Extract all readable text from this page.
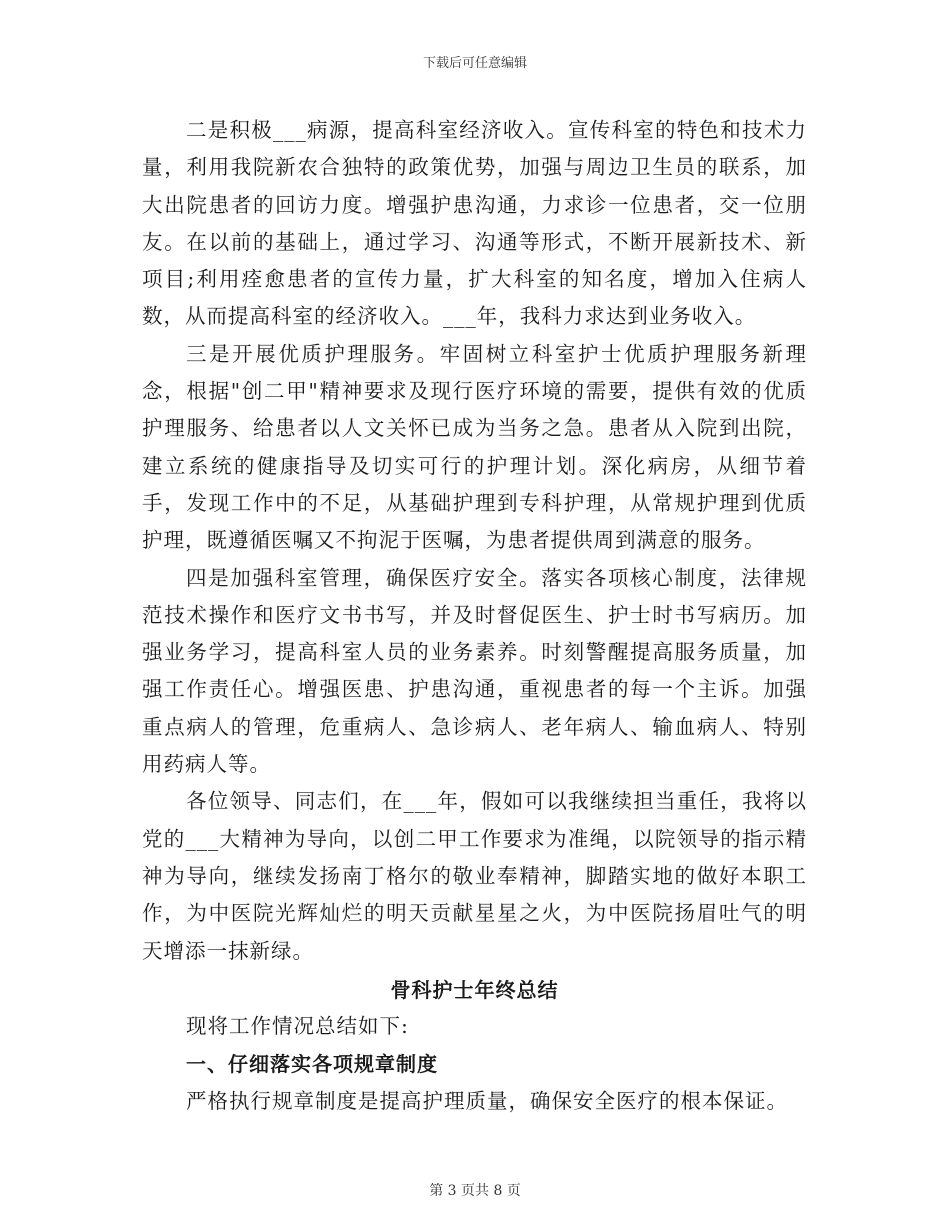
下载后可任意编辑

二是积极___病源，提高科室经济收入。宣传科室的特色和技术力量，利用我院新农合独特的政策优势，加强与周边卫生员的联系，加大出院患者的回访力度。增强护患沟通，力求诊一位患者，交一位朋友。在以前的基础上，通过学习、沟通等形式，不断开展新技术、新项目;利用痊愈患者的宣传力量，扩大科室的知名度，增加入住病人数，从而提高科室的经济收入。___年，我科力求达到业务收入。

三是开展优质护理服务。牢固树立科室护士优质护理服务新理念，根据"创二甲"精神要求及现行医疗环境的需要，提供有效的优质护理服务、给患者以人文关怀已成为当务之急。患者从入院到出院，建立系统的健康指导及切实可行的护理计划。深化病房，从细节着手，发现工作中的不足，从基础护理到专科护理，从常规护理到优质护理，既遵循医嘱又不拘泥于医嘱，为患者提供周到满意的服务。

四是加强科室管理，确保医疗安全。落实各项核心制度，法律规范技术操作和医疗文书书写，并及时督促医生、护士时书写病历。加强业务学习，提高科室人员的业务素养。时刻警醒提高服务质量，加强工作责任心。增强医患、护患沟通，重视患者的每一个主诉。加强重点病人的管理，危重病人、急诊病人、老年病人、输血病人、特别用药病人等。

各位领导、同志们，在___年，假如可以我继续担当重任，我将以党的___大精神为导向，以创二甲工作要求为准绳，以院领导的指示精神为导向，继续发扬南丁格尔的敬业奉精神，脚踏实地的做好本职工作，为中医院光辉灿烂的明天贡献星星之火，为中医院扬眉吐气的明天增添一抹新绿。

骨科护士年终总结

现将工作情况总结如下:

一、仔细落实各项规章制度

严格执行规章制度是提高护理质量，确保安全医疗的根本保证。

第 3 页共 8 页
